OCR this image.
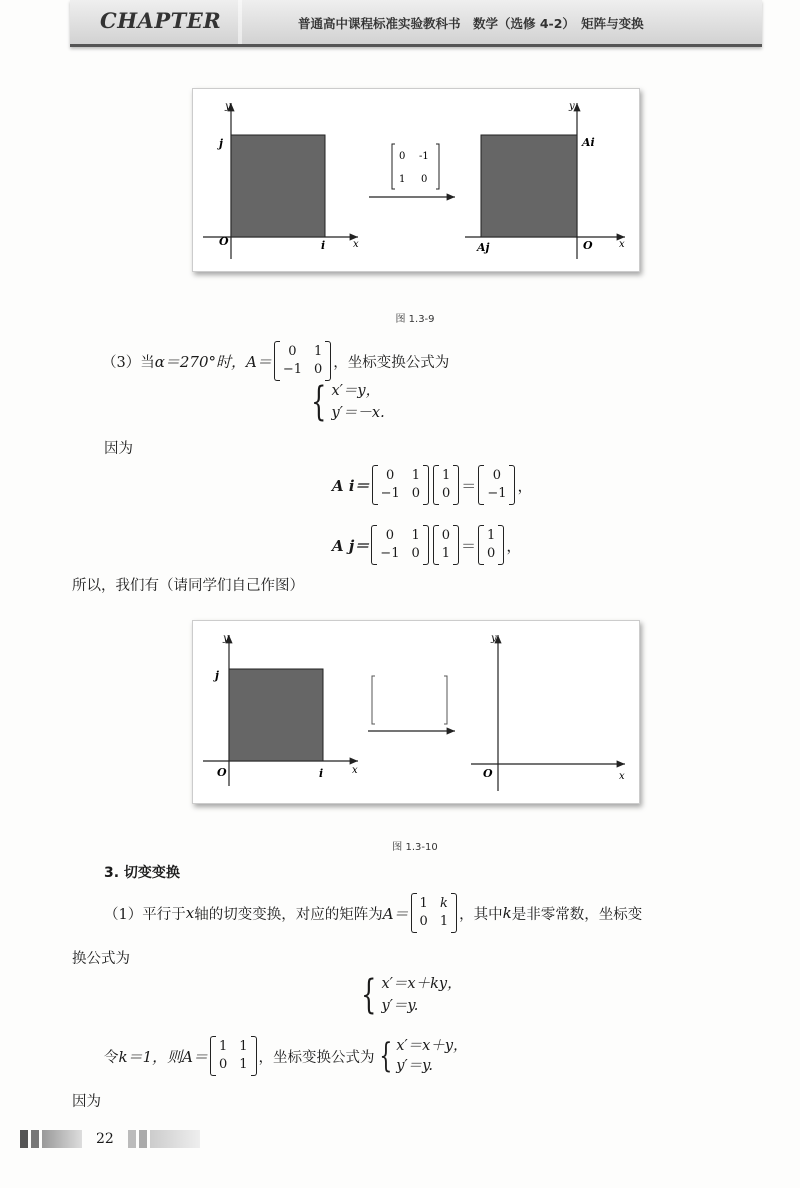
CHAPTER	普通高中课程标准实验教科书　数学（选修 4-2）　矩阵与变换
y
x
j
O	i
0 -1
1 0
y
x
Ai
Aj	O
图 1.3-9
（3）当 α＝270°时， A＝
0	1
−1 0 ，坐标变换公式为
{ x′＝y，
y′＝－x.
因为
A i＝
0	1
−1 0
1
0 ＝
0
−1 ，
A j＝
0	1
−1 0
0
1 ＝
1
0 ，
所以，我们有（请同学们自己作图）
y
x
j
O	i
y
x
O
图 1.3-10
3. 切变变换
（1）平行于 x 轴的切变变换，对应的矩阵为 A＝
1 k
0 1 ，其中 k 是非零常数，坐标变
换公式为
{ x′＝x＋ky，
y′＝y.
令 k＝1，则 A＝
1 1
0 1 ，坐标变换公式为 { x′＝x＋y，
y′＝y.
因为
22
